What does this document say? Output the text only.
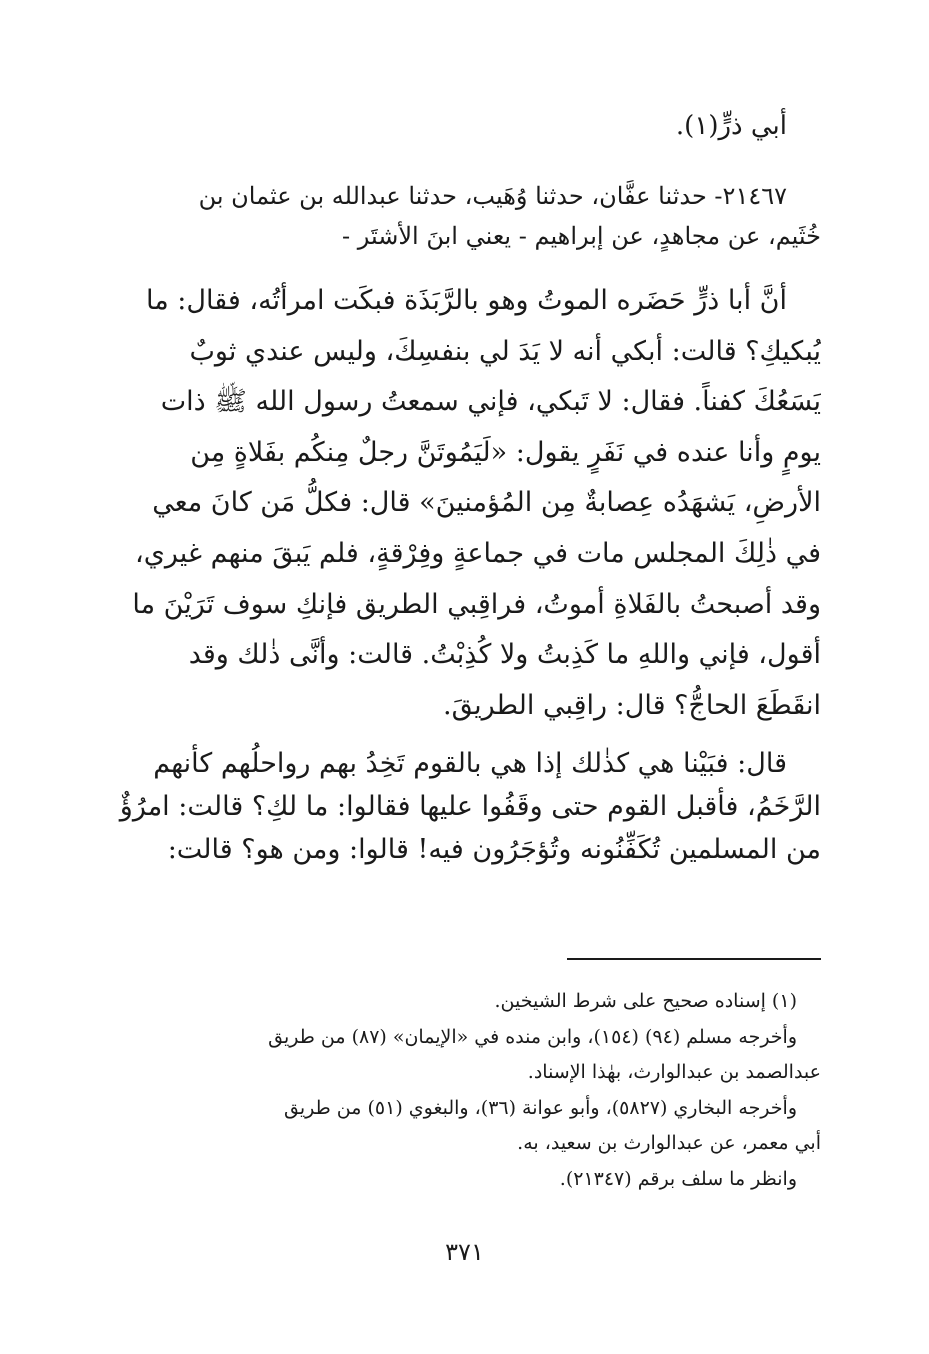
أبي ذرٍّ(١).
٢١٤٦٧- حدثنا عفَّان، حدثنا وُهَيب، حدثنا عبدالله بن عثمان بن
خُثَيم، عن مجاهدٍ، عن إبراهيم - يعني ابنَ الأشتَر -
أنَّ أبا ذرٍّ حَضَره الموتُ وهو بالرَّبَذَة فبكَت امرأتُه، فقال: ما
يُبكيكِ؟ قالت: أبكي أنه لا يَدَ لي بنفسِكَ، وليس عندي ثوبٌ
يَسَعُكَ كفناً. فقال: لا تَبكي، فإني سمعتُ رسول الله ﷺ ذات
يومٍ وأنا عنده في نَفَرٍ يقول: «لَيَمُوتَنَّ رجلٌ مِنكُم بفَلاةٍ مِن
الأرضِ، يَشهَدُه عِصابةٌ مِن المُؤمنينَ» قال: فكلُّ مَن كانَ معي
في ذٰلِكَ المجلس مات في جماعةٍ وفِرْقةٍ، فلم يَبقَ منهم غيري،
وقد أصبحتُ بالفَلاةِ أموتُ، فراقِبي الطريق فإنكِ سوف تَرَيْنَ ما
أقول، فإني واللهِ ما كَذِبتُ ولا كُذِبْتُ. قالت: وأنَّى ذٰلك وقد
انقَطَعَ الحاجُّ؟ قال: راقِبي الطريقَ.
قال: فبَيْنا هي كذٰلك إذا هي بالقوم تَخِدُ بهم رواحلُهم كأنهم
الرَّخَمُ، فأقبل القوم حتى وقَفُوا عليها فقالوا: ما لكِ؟ قالت: امرُؤٌ
من المسلمين تُكَفِّنُونه وتُؤجَرُون فيه! قالوا: ومن هو؟ قالت:
(١) إسناده صحيح على شرط الشيخين.
وأخرجه مسلم (٩٤) (١٥٤)، وابن منده في «الإيمان» (٨٧) من طريق
عبدالصمد بن عبدالوارث، بهٰذا الإسناد.
وأخرجه البخاري (٥٨٢٧)، وأبو عوانة (٣٦)، والبغوي (٥١) من طريق
أبي معمر، عن عبدالوارث بن سعيد، به.
وانظر ما سلف برقم (٢١٣٤٧).
٣٧١
